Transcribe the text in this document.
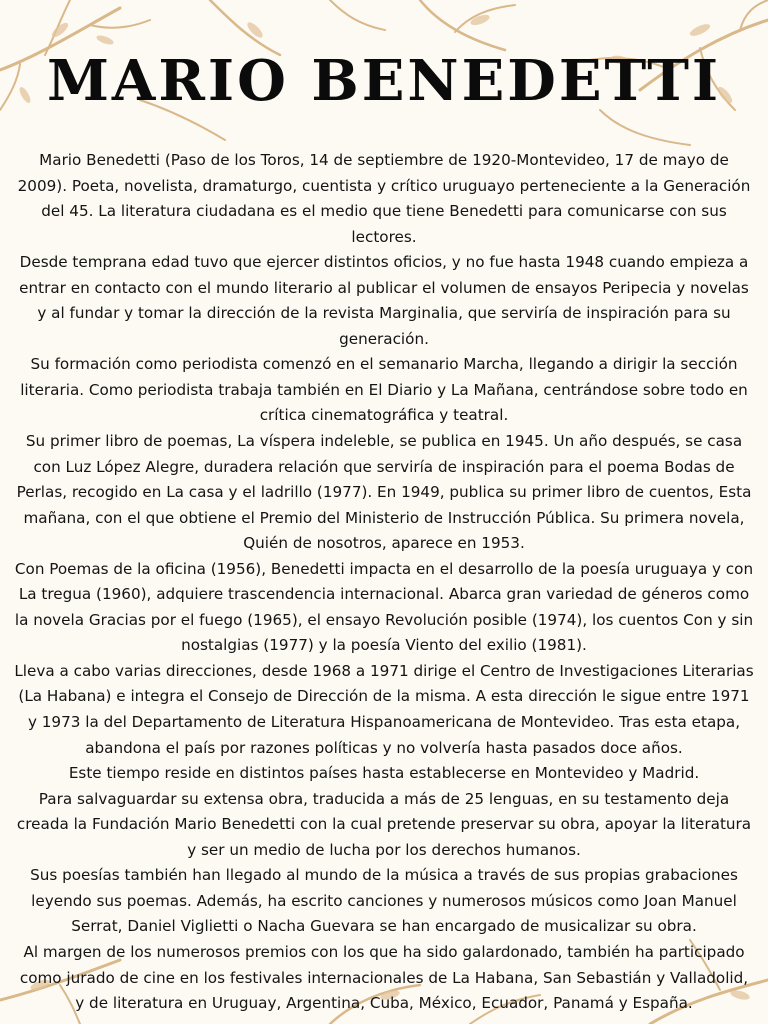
MARIO BENEDETTI

Mario Benedetti (Paso de los Toros, 14 de septiembre de 1920-Montevideo, 17 de mayo de 2009). Poeta, novelista, dramaturgo, cuentista y crítico uruguayo perteneciente a la Generación del 45. La literatura ciudadana es el medio que tiene Benedetti para comunicarse con sus lectores.

Desde temprana edad tuvo que ejercer distintos oficios, y no fue hasta 1948 cuando empieza a entrar en contacto con el mundo literario al publicar el volumen de ensayos Peripecia y novelas y al fundar y tomar la dirección de la revista Marginalia, que serviría de inspiración para su generación.

Su formación como periodista comenzó en el semanario Marcha, llegando a dirigir la sección literaria. Como periodista trabaja también en El Diario y La Mañana, centrándose sobre todo en crítica cinematográfica y teatral.

Su primer libro de poemas, La víspera indeleble, se publica en 1945. Un año después, se casa con Luz López Alegre, duradera relación que serviría de inspiración para el poema Bodas de Perlas, recogido en La casa y el ladrillo (1977). En 1949, publica su primer libro de cuentos, Esta mañana, con el que obtiene el Premio del Ministerio de Instrucción Pública. Su primera novela, Quién de nosotros, aparece en 1953.

Con Poemas de la oficina (1956), Benedetti impacta en el desarrollo de la poesía uruguaya y con La tregua (1960), adquiere trascendencia internacional. Abarca gran variedad de géneros como la novela Gracias por el fuego (1965), el ensayo Revolución posible (1974), los cuentos Con y sin nostalgias (1977) y la poesía Viento del exilio (1981).

Lleva a cabo varias direcciones, desde 1968 a 1971 dirige el Centro de Investigaciones Literarias (La Habana) e integra el Consejo de Dirección de la misma. A esta dirección le sigue entre 1971 y 1973 la del Departamento de Literatura Hispanoamericana de Montevideo. Tras esta etapa, abandona el país por razones políticas y no volvería hasta pasados doce años.

Este tiempo reside en distintos países hasta establecerse en Montevideo y Madrid.

Para salvaguardar su extensa obra, traducida a más de 25 lenguas, en su testamento deja creada la Fundación Mario Benedetti con la cual pretende preservar su obra, apoyar la literatura y ser un medio de lucha por los derechos humanos.

Sus poesías también han llegado al mundo de la música a través de sus propias grabaciones leyendo sus poemas. Además, ha escrito canciones y numerosos músicos como Joan Manuel Serrat, Daniel Viglietti o Nacha Guevara se han encargado de musicalizar su obra.

Al margen de los numerosos premios con los que ha sido galardonado, también ha participado como jurado de cine en los festivales internacionales de La Habana, San Sebastián y Valladolid, y de literatura en Uruguay, Argentina, Cuba, México, Ecuador, Panamá y España.
